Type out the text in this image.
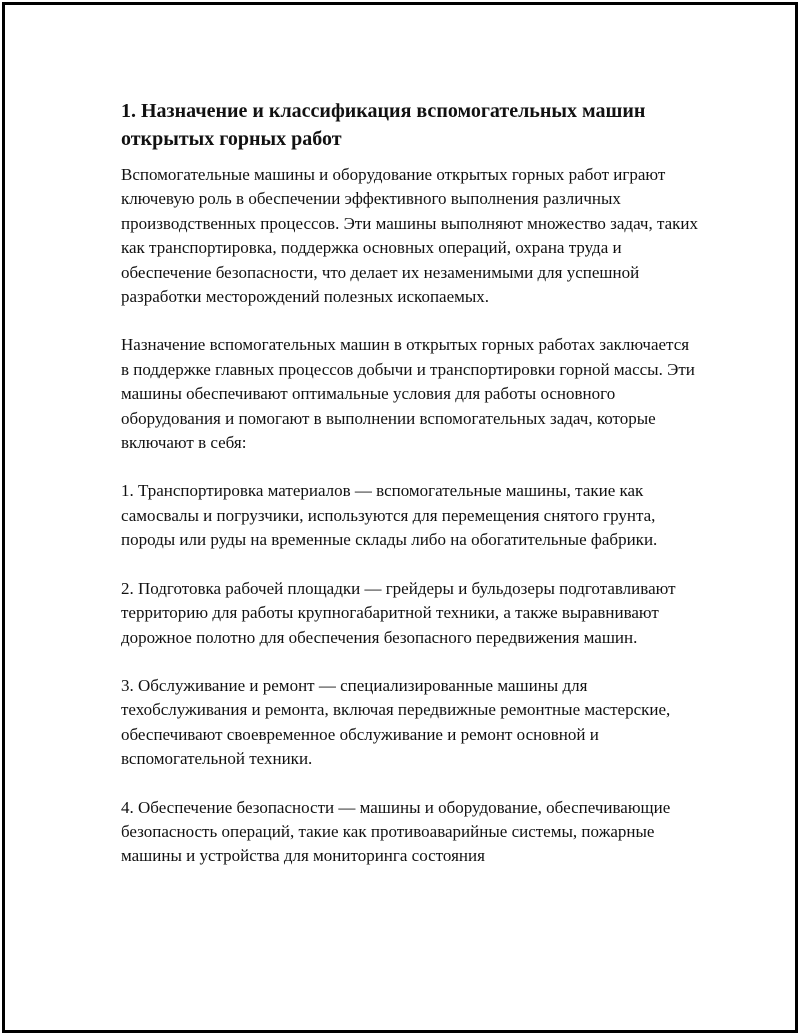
1. Назначение и классификация вспомогательных машин открытых горных работ

Вспомогательные машины и оборудование открытых горных работ играют ключевую роль в обеспечении эффективного выполнения различных производственных процессов. Эти машины выполняют множество задач, таких как транспортировка, поддержка основных операций, охрана труда и обеспечение безопасности, что делает их незаменимыми для успешной разработки месторождений полезных ископаемых.

Назначение вспомогательных машин в открытых горных работах заключается в поддержке главных процессов добычи и транспортировки горной массы. Эти машины обеспечивают оптимальные условия для работы основного оборудования и помогают в выполнении вспомогательных задач, которые включают в себя:

1. Транспортировка материалов — вспомогательные машины, такие как самосвалы и погрузчики, используются для перемещения снятого грунта, породы или руды на временные склады либо на обогатительные фабрики.

2. Подготовка рабочей площадки — грейдеры и бульдозеры подготавливают территорию для работы крупногабаритной техники, а также выравнивают дорожное полотно для обеспечения безопасного передвижения машин.

3. Обслуживание и ремонт — специализированные машины для техобслуживания и ремонта, включая передвижные ремонтные мастерские, обеспечивают своевременное обслуживание и ремонт основной и вспомогательной техники.

4. Обеспечение безопасности — машины и оборудование, обеспечивающие безопасность операций, такие как противоаварийные системы, пожарные машины и устройства для мониторинга состояния
